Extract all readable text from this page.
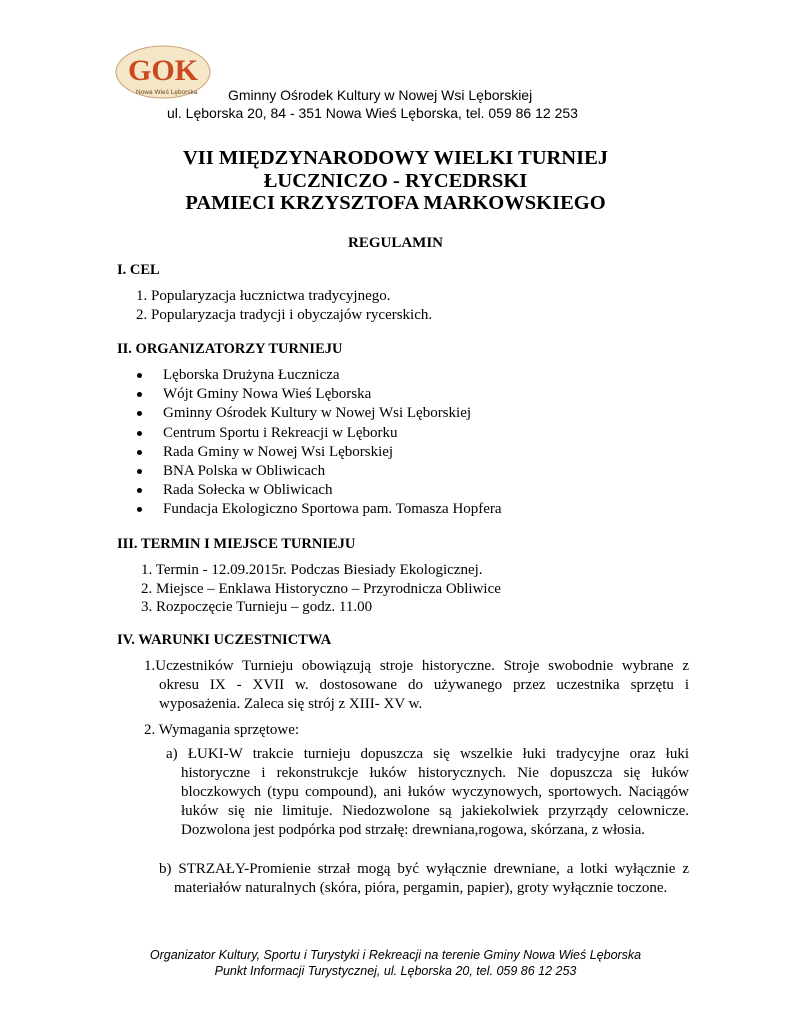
GOK
Nowa Wieś Lęborska Gminny Ośrodek Kultury w Nowej Wsi Lęborskiej
ul. Lęborska 20, 84 - 351 Nowa Wieś Lęborska, tel. 059 86 12 253
VII MIĘDZYNARODOWY WIELKI TURNIEJ
ŁUCZNICZO - RYCEDRSKI
PAMIECI KRZYSZTOFA MARKOWSKIEGO
REGULAMIN
I. CEL
1. Popularyzacja łucznictwa tradycyjnego.
2. Popularyzacja tradycji i obyczajów rycerskich.
II. ORGANIZATORZY TURNIEJU
Lęborska Drużyna Łucznicza
Wójt Gminy Nowa Wieś Lęborska
Gminny Ośrodek Kultury w Nowej Wsi Lęborskiej
Centrum Sportu i Rekreacji w Lęborku
Rada Gminy w Nowej Wsi Lęborskiej
BNA Polska w Obliwicach
Rada Sołecka w Obliwicach
Fundacja Ekologiczno Sportowa pam. Tomasza Hopfera
III. TERMIN I MIEJSCE TURNIEJU
1. Termin - 12.09.2015r. Podczas Biesiady Ekologicznej.
2. Miejsce – Enklawa Historyczno – Przyrodnicza Obliwice
3. Rozpoczęcie Turnieju – godz. 11.00
IV. WARUNKI UCZESTNICTWA
1.Uczestników Turnieju obowiązują stroje historyczne. Stroje swobodnie wybrane z okresu IX - XVII w. dostosowane do używanego przez uczestnika sprzętu i wyposażenia. Zaleca się strój z XIII- XV w.
2. Wymagania sprzętowe:
a) ŁUKI-W trakcie turnieju dopuszcza się wszelkie łuki tradycyjne oraz łuki historyczne i rekonstrukcje łuków historycznych. Nie dopuszcza się łuków bloczkowych (typu compound), ani łuków wyczynowych, sportowych. Naciągów łuków się nie limituje. Niedozwolone są jakiekolwiek przyrządy celownicze. Dozwolona jest podpórka pod strzałę: drewniana,rogowa, skórzana, z włosia.
b) STRZAŁY-Promienie strzał mogą być wyłącznie drewniane, a lotki wyłącznie z materiałów naturalnych (skóra, pióra, pergamin, papier), groty wyłącznie toczone.
Organizator Kultury, Sportu i Turystyki i Rekreacji na terenie Gminy Nowa Wieś Lęborska
Punkt Informacji Turystycznej, ul. Lęborska 20, tel. 059 86 12 253
